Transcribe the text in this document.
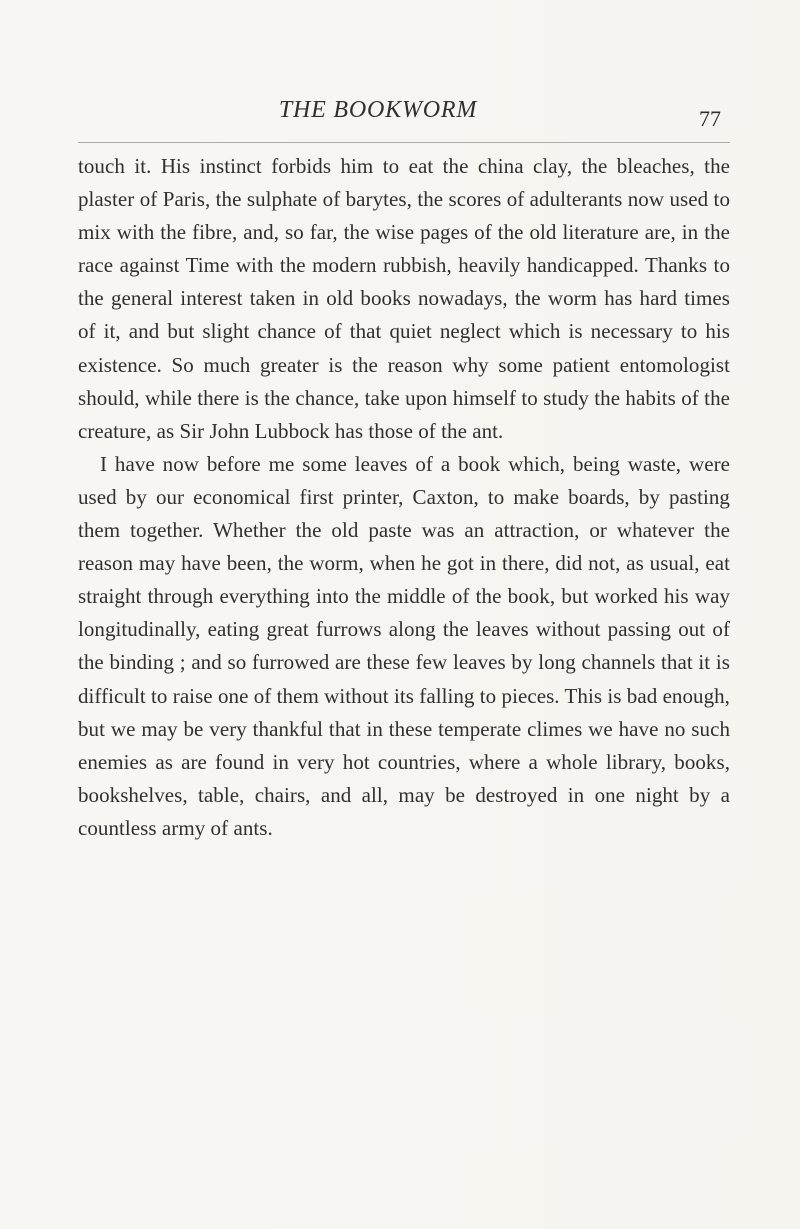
THE BOOKWORM	77

touch it. His instinct forbids him to eat the china clay, the bleaches, the plaster of Paris, the sulphate of barytes, the scores of adulterants now used to mix with the fibre, and, so far, the wise pages of the old literature are, in the race against Time with the modern rubbish, heavily handicapped. Thanks to the general interest taken in old books nowadays, the worm has hard times of it, and but slight chance of that quiet neglect which is necessary to his existence. So much greater is the reason why some patient entomologist should, while there is the chance, take upon himself to study the habits of the creature, as Sir John Lubbock has those of the ant.

I have now before me some leaves of a book which, being waste, were used by our economical first printer, Caxton, to make boards, by pasting them together. Whether the old paste was an attraction, or whatever the reason may have been, the worm, when he got in there, did not, as usual, eat straight through everything into the middle of the book, but worked his way longitudinally, eating great furrows along the leaves without passing out of the binding ; and so furrowed are these few leaves by long channels that it is difficult to raise one of them without its falling to pieces. This is bad enough, but we may be very thankful that in these temperate climes we have no such enemies as are found in very hot countries, where a whole library, books, bookshelves, table, chairs, and all, may be destroyed in one night by a countless army of ants.
